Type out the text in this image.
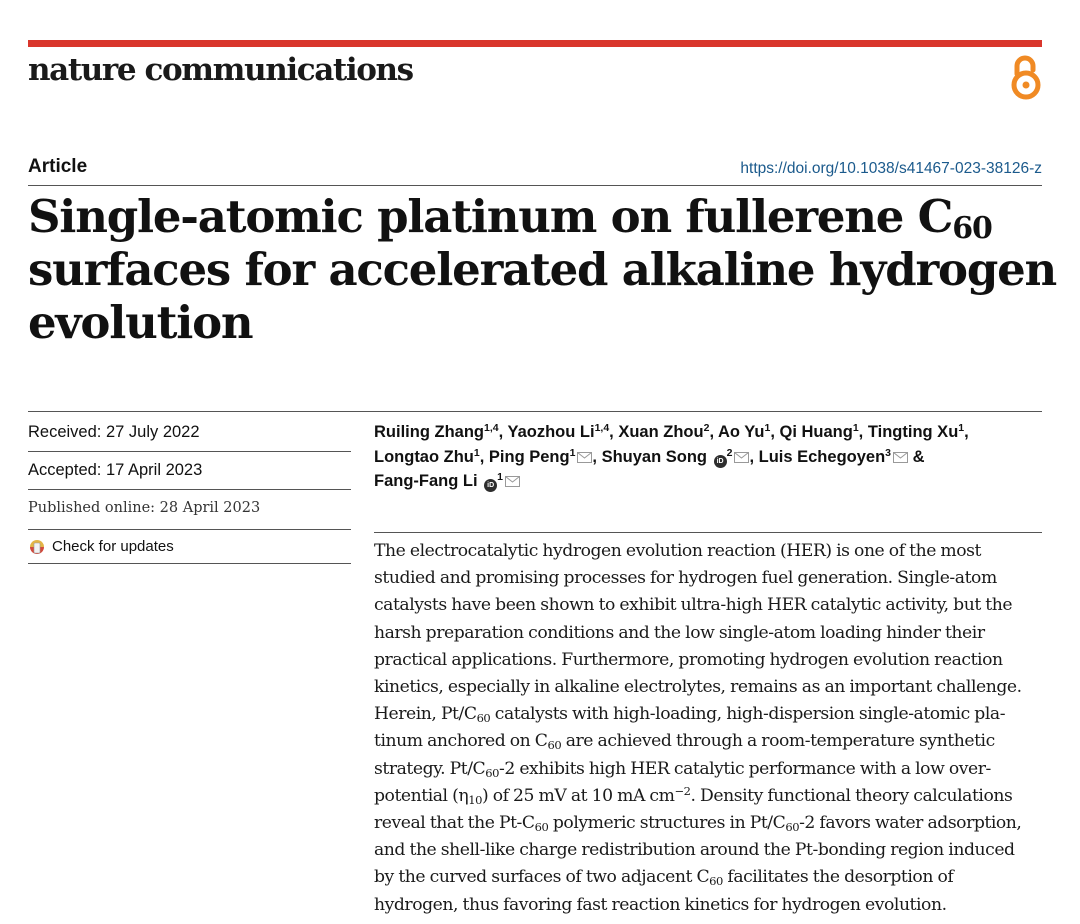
nature communications
Article	https://doi.org/10.1038/s41467-023-38126-z
Single-atomic platinum on fullerene $C_{60}$
surfaces for accelerated alkaline hydrogen
evolution
Received: 27 July 2022
Accepted: 17 April 2023
Published online: 28 April 2023
Check for updates
Ruiling Zhang$^{1,4}$, Yaozhou Li$^{1,4}$, Xuan Zhou$^2$, Ao Yu$^1$, Qi Huang$^1$, Tingting Xu$^1$,
Longtao Zhu$^1$, Ping Peng$^1$ , Shuyan Song $iD^2$ , Luis Echegoyen$^3$ &
Fang-Fang Li $iD^1$

The electrocatalytic hydrogen evolution reaction (HER) is one of the most
studied and promising processes for hydrogen fuel generation. Single-atom
catalysts have been shown to exhibit ultra-high HER catalytic activity, but the
harsh preparation conditions and the low single-atom loading hinder their
practical applications. Furthermore, promoting hydrogen evolution reaction
kinetics, especially in alkaline electrolytes, remains as an important challenge.
Herein, $Pt/C_{60}$ catalysts with high-loading, high-dispersion single-atomic pla-
tinum anchored on $C_{60}$ are achieved through a room-temperature synthetic
strategy. $Pt/C_{60}-2$ exhibits high HER catalytic performance with a low over-
potential $(\eta_{10})$ of 25 mV at 10 mA $cm^{-2}$. Density functional theory calculations
reveal that the $Pt-C_{60}$ polymeric structures in $Pt/C_{60}-2$ favors water adsorption,
and the shell-like charge redistribution around the Pt-bonding region induced
by the curved surfaces of two adjacent $C_{60}$ facilitates the desorption of
hydrogen, thus favoring fast reaction kinetics for hydrogen evolution.
